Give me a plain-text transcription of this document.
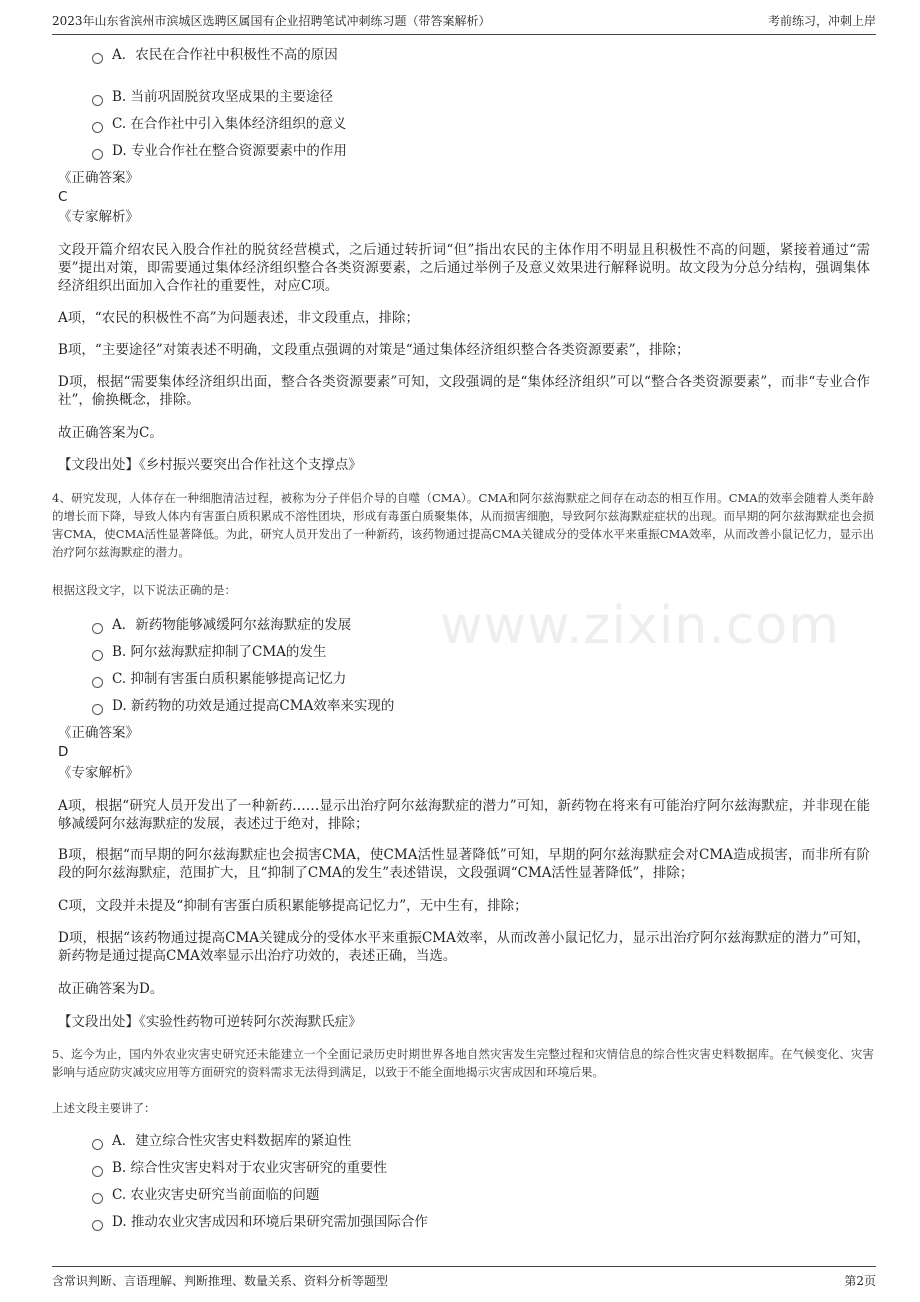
2023年山东省滨州市滨城区选聘区属国有企业招聘笔试冲刺练习题（带答案解析）	考前练习，冲刺上岸
www.zixin.com
A．农民在合作社中积极性不高的原因
B. 当前巩固脱贫攻坚成果的主要途径
C. 在合作社中引入集体经济组织的意义
D. 专业合作社在整合资源要素中的作用
《正确答案》
C
《专家解析》
文段开篇介绍农民入股合作社的脱贫经营模式，之后通过转折词“但”指出农民的主体作用不明显且积极性不高的问题，紧接着通过“需要”提出对策，即需要通过集体经济组织整合各类资源要素，之后通过举例子及意义效果进行解释说明。故文段为分总分结构，强调集体经济组织出面加入合作社的重要性，对应C项。
A项，“农民的积极性不高”为问题表述，非文段重点，排除；
B项，“主要途径”对策表述不明确，文段重点强调的对策是“通过集体经济组织整合各类资源要素”，排除；
D项，根据“需要集体经济组织出面，整合各类资源要素”可知，文段强调的是“集体经济组织”可以“整合各类资源要素”，而非“专业合作社”，偷换概念，排除。
故正确答案为C。
【文段出处】《乡村振兴要突出合作社这个支撑点》
4、研究发现，人体存在一种细胞清洁过程，被称为分子伴侣介导的自噬（CMA）。CMA和阿尔兹海默症之间存在动态的相互作用。CMA的效率会随着人类年龄的增长而下降，导致人体内有害蛋白质积累成不溶性团块，形成有毒蛋白质聚集体，从而损害细胞，导致阿尔兹海默症症状的出现。而早期的阿尔兹海默症也会损害CMA，使CMA活性显著降低。为此，研究人员开发出了一种新药，该药物通过提高CMA关键成分的受体水平来重振CMA效率，从而改善小鼠记忆力，显示出治疗阿尔兹海默症的潜力。
根据这段文字，以下说法正确的是：
A．新药物能够减缓阿尔兹海默症的发展
B. 阿尔兹海默症抑制了CMA的发生
C. 抑制有害蛋白质积累能够提高记忆力
D. 新药物的功效是通过提高CMA效率来实现的
《正确答案》
D
《专家解析》
A项，根据“研究人员开发出了一种新药……显示出治疗阿尔兹海默症的潜力”可知，新药物在将来有可能治疗阿尔兹海默症，并非现在能够减缓阿尔兹海默症的发展，表述过于绝对，排除；
B项，根据“而早期的阿尔兹海默症也会损害CMA，使CMA活性显著降低”可知，早期的阿尔兹海默症会对CMA造成损害，而非所有阶段的阿尔兹海默症，范围扩大，且“抑制了CMA的发生”表述错误，文段强调“CMA活性显著降低”，排除；
C项，文段并未提及“抑制有害蛋白质积累能够提高记忆力”，无中生有，排除；
D项，根据“该药物通过提高CMA关键成分的受体水平来重振CMA效率，从而改善小鼠记忆力，显示出治疗阿尔兹海默症的潜力”可知，新药物是通过提高CMA效率显示出治疗功效的，表述正确，当选。
故正确答案为D。
【文段出处】《实验性药物可逆转阿尔茨海默氏症》
5、迄今为止，国内外农业灾害史研究还未能建立一个全面记录历史时期世界各地自然灾害发生完整过程和灾情信息的综合性灾害史料数据库。在气候变化、灾害影响与适应防灾减灾应用等方面研究的资料需求无法得到满足，以致于不能全面地揭示灾害成因和环境后果。
上述文段主要讲了：
A．建立综合性灾害史料数据库的紧迫性
B. 综合性灾害史料对于农业灾害研究的重要性
C. 农业灾害史研究当前面临的问题
D. 推动农业灾害成因和环境后果研究需加强国际合作
含常识判断、言语理解、判断推理、数量关系、资料分析等题型	第2页
